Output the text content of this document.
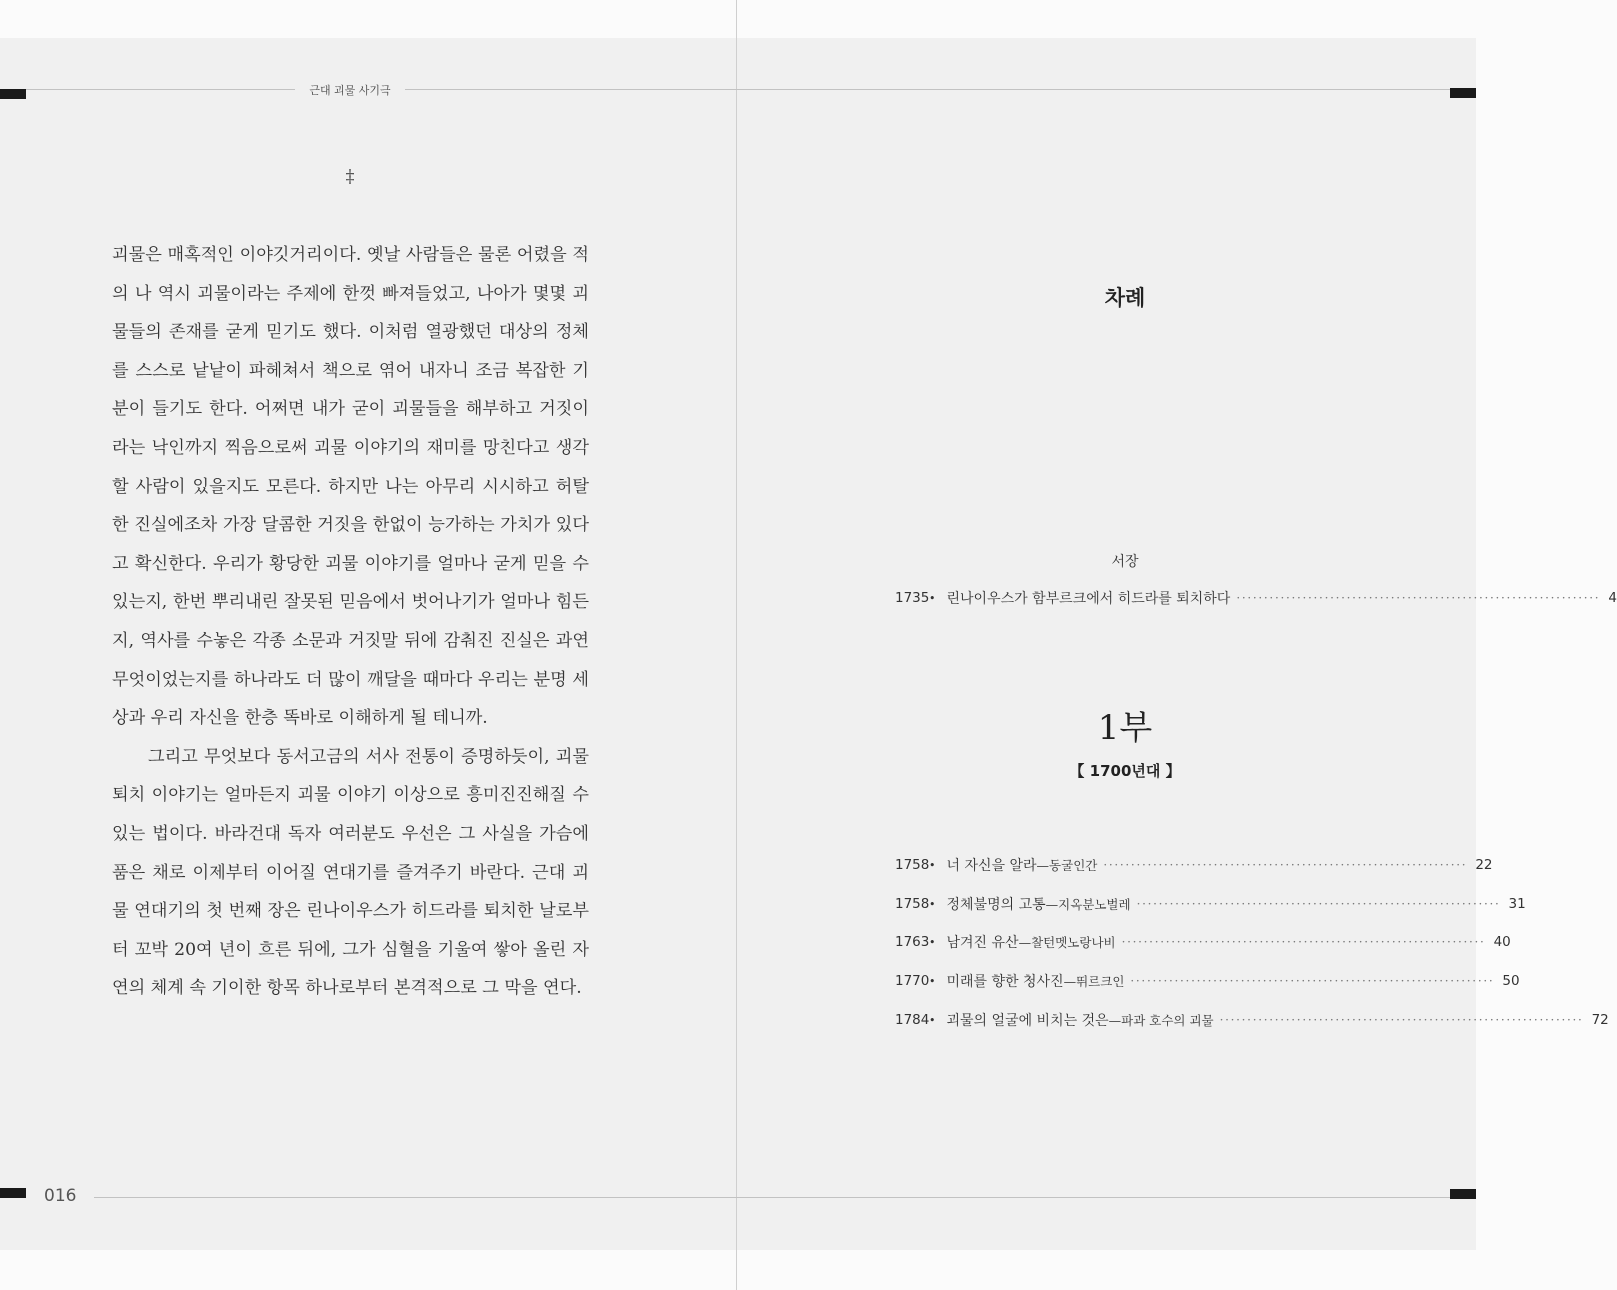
근대 괴물 사기극
‡

괴물은 매혹적인 이야깃거리이다. 옛날 사람들은 물론 어렸을 적의 나 역시 괴물이라는 주제에 한껏 빠져들었고, 나아가 몇몇 괴물들의 존재를 굳게 믿기도 했다. 이처럼 열광했던 대상의 정체를 스스로 낱낱이 파헤쳐서 책으로 엮어 내자니 조금 복잡한 기분이 들기도 한다. 어쩌면 내가 굳이 괴물들을 해부하고 거짓이라는 낙인까지 찍음으로써 괴물 이야기의 재미를 망친다고 생각할 사람이 있을지도 모른다. 하지만 나는 아무리 시시하고 허탈한 진실에조차 가장 달콤한 거짓을 한없이 능가하는 가치가 있다고 확신한다. 우리가 황당한 괴물 이야기를 얼마나 굳게 믿을 수 있는지, 한번 뿌리내린 잘못된 믿음에서 벗어나기가 얼마나 힘든지, 역사를 수놓은 각종 소문과 거짓말 뒤에 감춰진 진실은 과연 무엇이었는지를 하나라도 더 많이 깨달을 때마다 우리는 분명 세상과 우리 자신을 한층 똑바로 이해하게 될 테니까.

그리고 무엇보다 동서고금의 서사 전통이 증명하듯이, 괴물 퇴치 이야기는 얼마든지 괴물 이야기 이상으로 흥미진진해질 수 있는 법이다. 바라건대 독자 여러분도 우선은 그 사실을 가슴에 품은 채로 이제부터 이어질 연대기를 즐겨주기 바란다. 근대 괴물 연대기의 첫 번째 장은 린나이우스가 히드라를 퇴치한 날로부터 꼬박 20여 년이 흐른 뒤에, 그가 심혈을 기울여 쌓아 올린 자연의 체계 속 기이한 항목 하나로부터 본격적으로 그 막을 연다.

016
차례
서장
1735 • 린나이우스가 함부르크에서 히드라를 퇴치하다 ·································································· 4
1부
【 1700년대 】
1758 • 너 자신을 알라 — 동굴인간 ·································································· 22
1758 • 정체불명의 고통 — 지옥분노벌레 ·································································· 31
1763 • 남겨진 유산 — 찰턴멧노랑나비 ·································································· 40
1770 • 미래를 향한 청사진 — 뛰르크인 ·································································· 50
1784 • 괴물의 얼굴에 비치는 것은 — 파과 호수의 괴물 ·································································· 72
